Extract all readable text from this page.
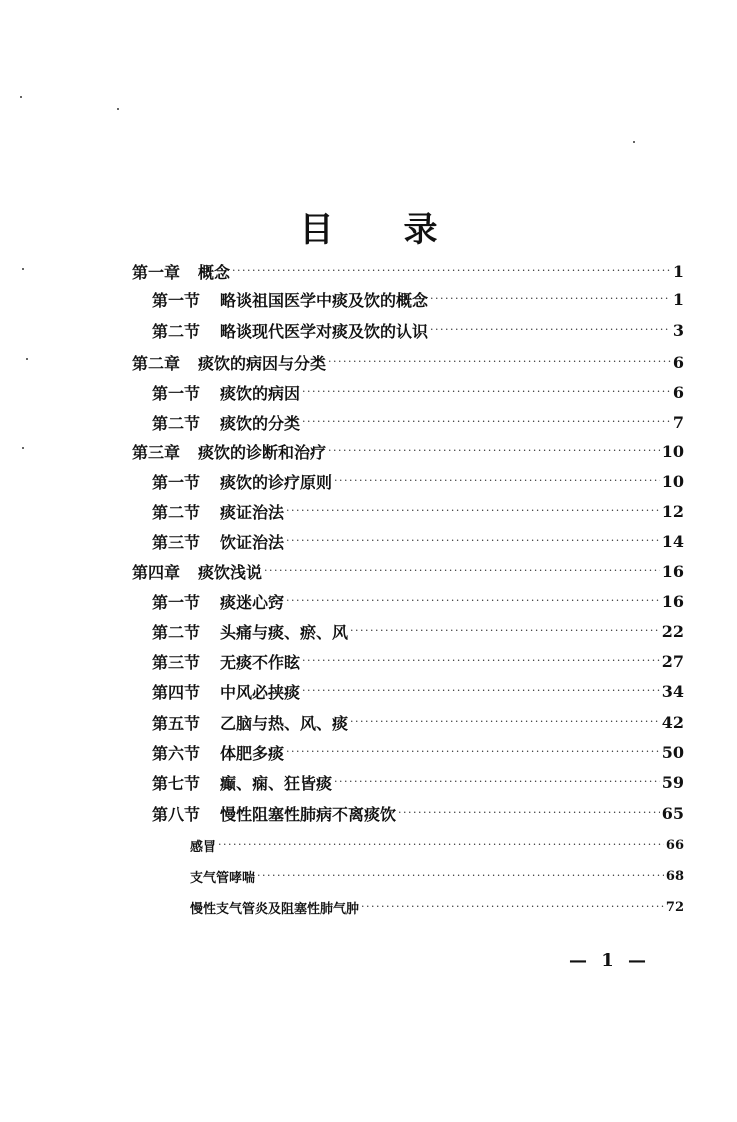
目 录
第一章 概念 ·····	1
第一节 略谈祖国医学中痰及饮的概念 ·····	1
第二节 略谈现代医学对痰及饮的认识 ·····	3
第二章 痰饮的病因与分类 ·····	6
第一节 痰饮的病因 ·····	6
第二节 痰饮的分类 ·····	7
第三章 痰饮的诊断和治疗 ·····	10
第一节 痰饮的诊疗原则 ·····	10
第二节 痰证治法 ·····	12
第三节 饮证治法 ·····	14
第四章 痰饮浅说 ·····	16
第一节 痰迷心窍 ·····	16
第二节 头痛与痰、瘀、风 ·····	22
第三节 无痰不作眩 ·····	27
第四节 中风必挟痰 ·····	34
第五节 乙脑与热、风、痰 ·····	42
第六节 体肥多痰 ·····	50
第七节 癫、痫、狂皆痰 ·····	59
第八节 慢性阻塞性肺病不离痰饮 ·····	65
感冒 ·····	66
支气管哮喘 ·····	68
慢性支气管炎及阻塞性肺气肿 ·····	72
— 1 —
